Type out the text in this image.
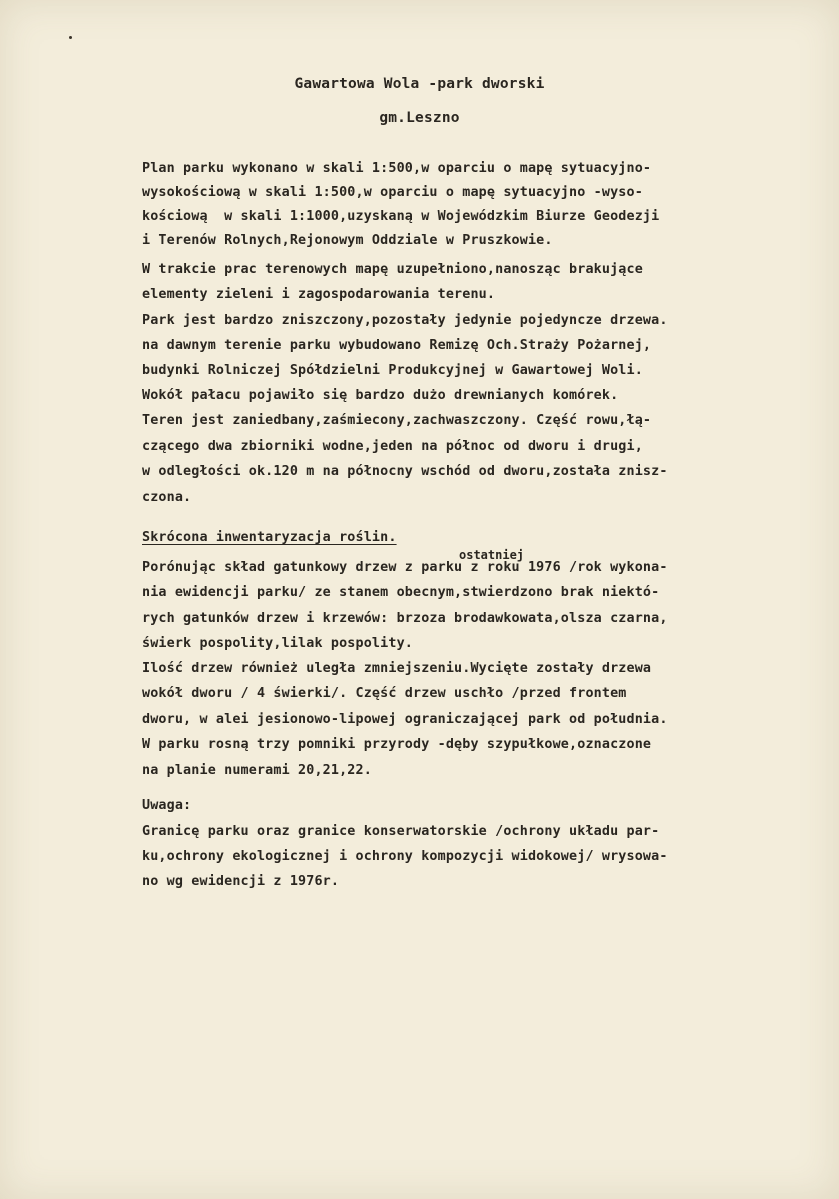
Gawartowa Wola -park dworski
gm.Leszno
Plan parku wykonano w skali 1:500,w oparciu o mapę sytuacyjno-
wysokościową w skali 1:500,w oparciu o mapę sytuacyjno -wyso-
kościową  w skali 1:1000,uzyskaną w Wojewódzkim Biurze Geodezji
i Terenów Rolnych,Rejonowym Oddziale w Pruszkowie.
W trakcie prac terenowych mapę uzupełniono,nanosząc brakujące
elementy zieleni i zagospodarowania terenu.
Park jest bardzo zniszczony,pozostały jedynie pojedyncze drzewa.
na dawnym terenie parku wybudowano Remizę Och.Straży Pożarnej,
budynki Rolniczej Spółdzielni Produkcyjnej w Gawartowej Woli.
Wokół pałacu pojawiło się bardzo dużo drewnianych komórek.
Teren jest zaniedbany,zaśmiecony,zachwaszczony. Część rowu,łą-
czącego dwa zbiorniki wodne,jeden na północ od dworu i drugi,
w odległości ok.120 m na północny wschód od dworu,została znisz-
czona.
Skrócona inwentaryzacja roślin.
ostatniej
Porónując skład gatunkowy drzew z parku z roku 1976 /rok wykona-
nia ewidencji parku/ ze stanem obecnym,stwierdzono brak niektó-
rych gatunków drzew i krzewów: brzoza brodawkowata,olsza czarna,
świerk pospolity,lilak pospolity.
Ilość drzew również uległa zmniejszeniu.Wycięte zostały drzewa
wokół dworu / 4 świerki/. Część drzew uschło /przed frontem
dworu, w alei jesionowo-lipowej ograniczającej park od południa.
W parku rosną trzy pomniki przyrody -dęby szypułkowe,oznaczone
na planie numerami 20,21,22.
Uwaga:
Granicę parku oraz granice konserwatorskie /ochrony układu par-
ku,ochrony ekologicznej i ochrony kompozycji widokowej/ wrysowa-
no wg ewidencji z 1976r.
